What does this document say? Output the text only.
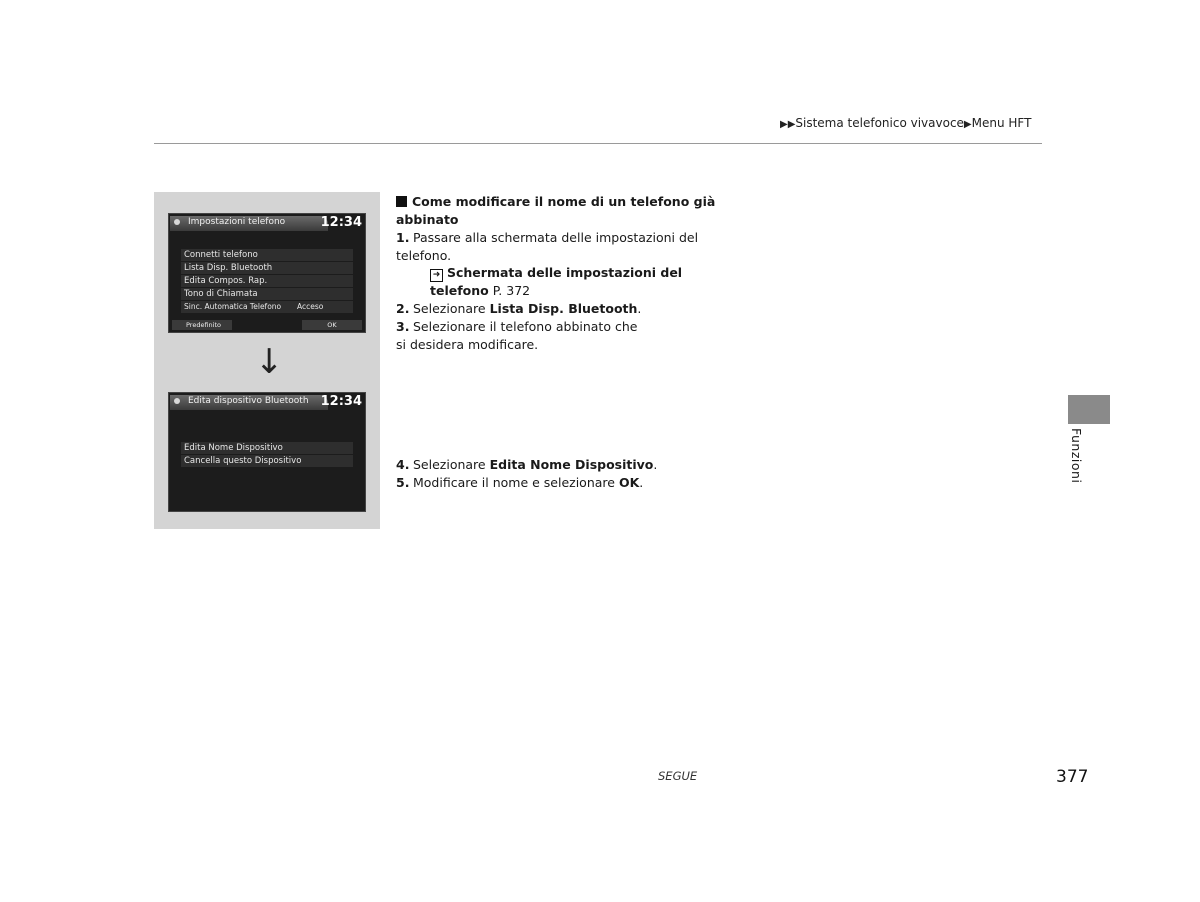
▶▶Sistema telefonico vivavoce▶Menu HFT
Impostazioni telefono	12:34
Connetti telefono
Lista Disp. Bluetooth
Edita Compos. Rap.
Tono di Chiamata
Sinc. Automatica Telefono Acceso
Predefinito	OK
Edita dispositivo Bluetooth 12:34
Edita Nome Dispositivo
Cancella questo Dispositivo
↓
Come modificare il nome di un telefono già abbinato
1. Passare alla schermata delle impostazioni del telefono.
➜ Schermata delle impostazioni del telefono P. 372
2. Selezionare Lista Disp. Bluetooth.
3. Selezionare il telefono abbinato che si desidera modificare.
4. Selezionare Edita Nome Dispositivo.
5. Modificare il nome e selezionare OK.	Funzioni
SEGUE	377
